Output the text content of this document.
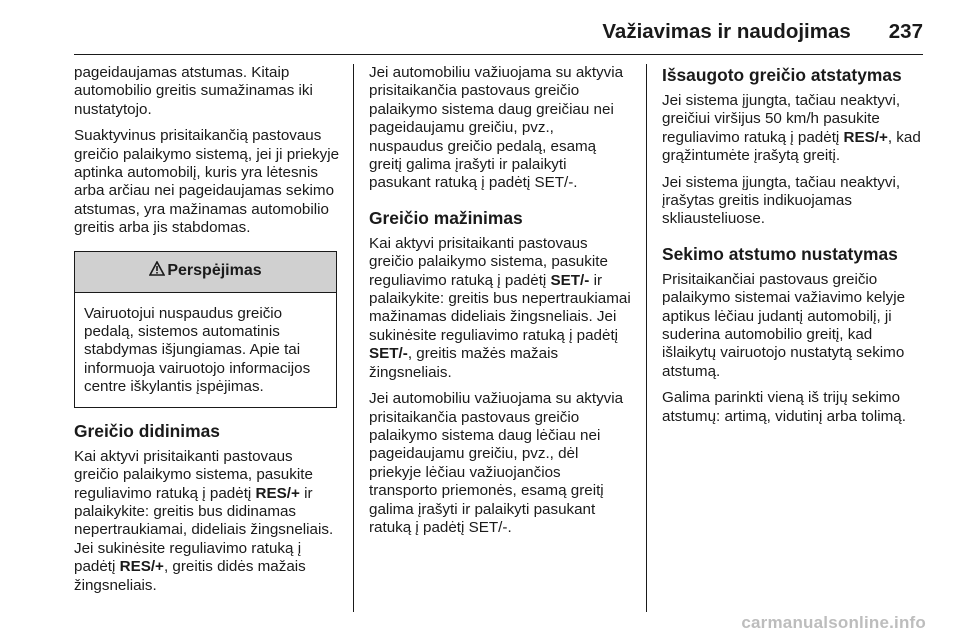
Važiavimas ir naudojimas 237

pageidaujamas atstumas. Kitaip automobilio greitis sumažinamas iki nustatytojo.

Suaktyvinus prisitaikančią pastovaus greičio palaikymo sistemą, jei ji priekyje aptinka automobilį, kuris yra lėtesnis arba arčiau nei pageidaujamas sekimo atstumas, yra mažinamas automobilio greitis arba jis stabdomas.

Perspėjimas
Vairuotojui nuspaudus greičio pedalą, sistemos automatinis stabdymas išjungiamas. Apie tai informuoja vairuotojo informacijos centre iškylantis įspėjimas.
Greičio didinimas

Kai aktyvi prisitaikanti pastovaus greičio palaikymo sistema, pasukite reguliavimo ratuką į padėtį RES/+ ir palaikykite: greitis bus didinamas nepertraukiamai, dideliais žingsneliais. Jei sukinėsite reguliavimo ratuką į padėtį RES/+, greitis didės mažais žingsneliais.

Jei automobiliu važiuojama su aktyvia prisitaikančia pastovaus greičio palaikymo sistema daug greičiau nei pageidaujamu greičiu, pvz., nuspaudus greičio pedalą, esamą greitį galima įrašyti ir palaikyti pasukant ratuką į padėtį SET/-.

Greičio mažinimas

Kai aktyvi prisitaikanti pastovaus greičio palaikymo sistema, pasukite reguliavimo ratuką į padėtį SET/- ir palaikykite: greitis bus nepertraukiamai mažinamas dideliais žingsneliais. Jei sukinėsite reguliavimo ratuką į padėtį SET/-, greitis mažės mažais žingsneliais.

Jei automobiliu važiuojama su aktyvia prisitaikančia pastovaus greičio palaikymo sistema daug lėčiau nei pageidaujamu greičiu, pvz., dėl priekyje lėčiau važiuojančios transporto priemonės, esamą greitį galima įrašyti ir palaikyti pasukant ratuką į padėtį SET/-.

Išsaugoto greičio atstatymas

Jei sistema įjungta, tačiau neaktyvi, greičiui viršijus 50 km/h pasukite reguliavimo ratuką į padėtį RES/+, kad grąžintumėte įrašytą greitį.

Jei sistema įjungta, tačiau neaktyvi, įrašytas greitis indikuojamas skliausteliuose.

Sekimo atstumo nustatymas

Prisitaikančiai pastovaus greičio palaikymo sistemai važiavimo kelyje aptikus lėčiau judantį automobilį, ji suderina automobilio greitį, kad išlaikytų vairuotojo nustatytą sekimo atstumą.

Galima parinkti vieną iš trijų sekimo atstumų: artimą, vidutinį arba tolimą.

carmanualsonline.info
